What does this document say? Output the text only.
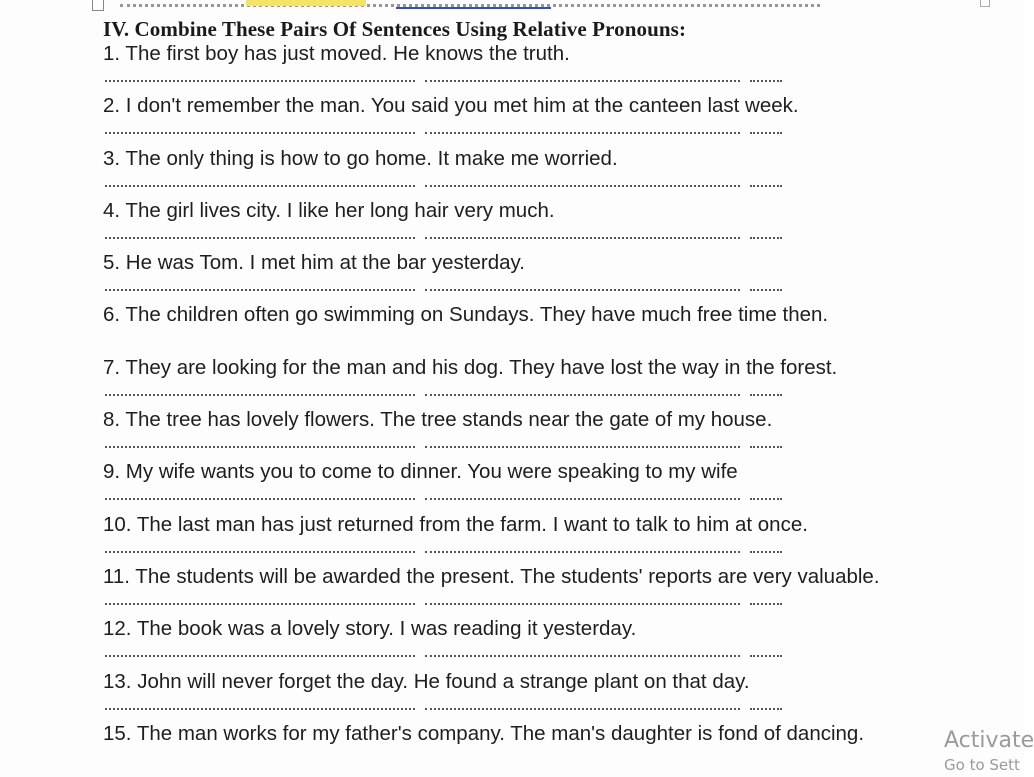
IV. Combine These Pairs Of Sentences Using Relative Pronouns:
1. The first boy has just moved. He knows the truth.
2. I don't remember the man. You said you met him at the canteen last week.
3. The only thing is how to go home. It make me worried.
4. The girl lives city. I like her long hair very much.
5. He was Tom. I met him at the bar yesterday.
6. The children often go swimming on Sundays. They have much free time then.
7. They are looking for the man and his dog. They have lost the way in the forest.
8. The tree has lovely flowers. The tree stands near the gate of my house.
9. My wife wants you to come to dinner. You were speaking to my wife
10. The last man has just returned from the farm. I want to talk to him at once.
11. The students will be awarded the present. The students' reports are very valuable.
12. The book was a lovely story. I was reading it yesterday.
13. John will never forget the day. He found a strange plant on that day.
15. The man works for my father's company. The man's daughter is fond of dancing.	Activate
Go to Sett
